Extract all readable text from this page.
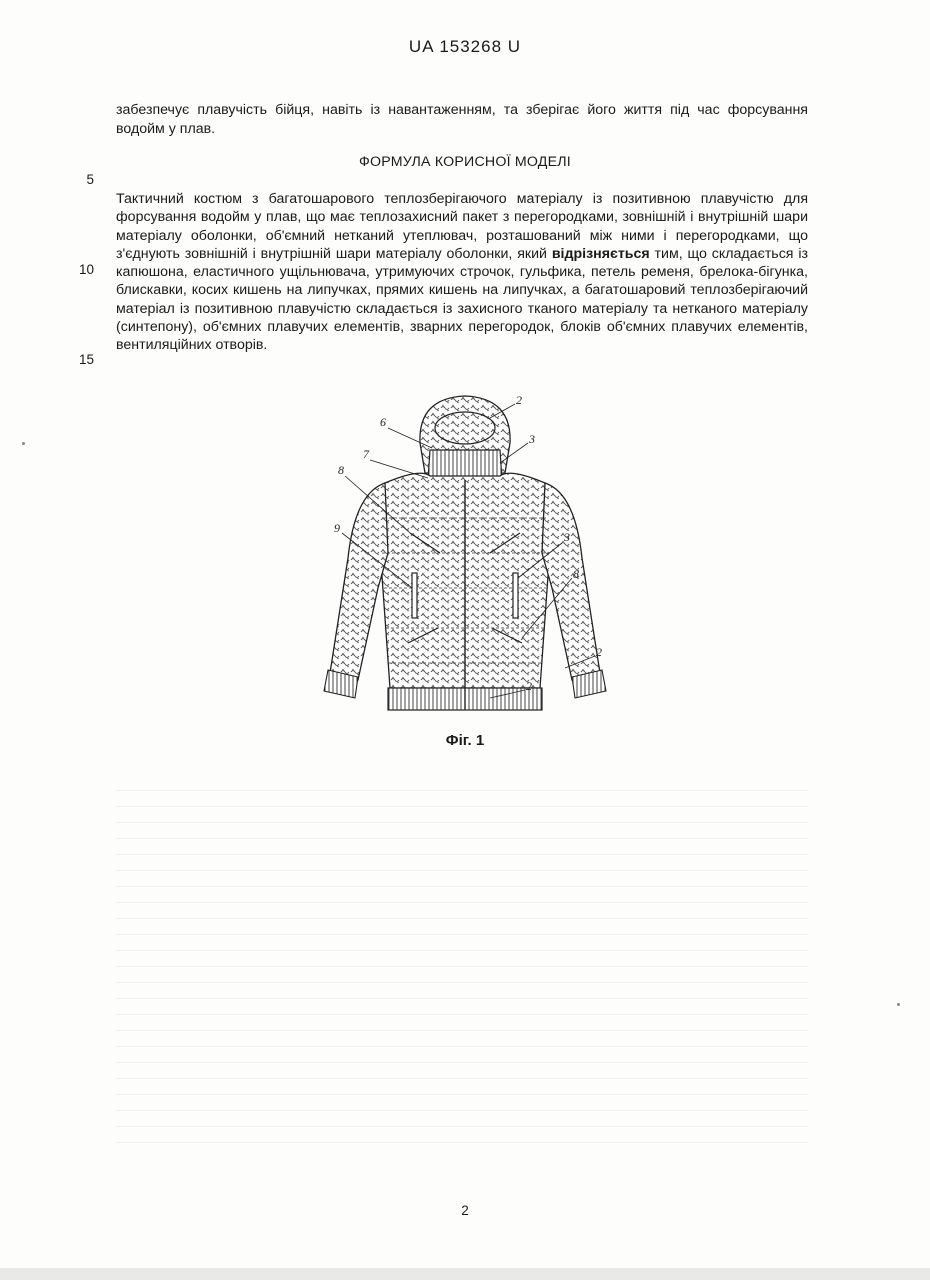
UA 153268 U
забезпечує плавучість бійця, навіть із навантаженням, та зберігає його життя під час форсування водойм у плав.
5
ФОРМУЛА КОРИСНОЇ МОДЕЛІ
Тактичний костюм з багатошарового теплозберігаючого матеріалу із позитивною плавучістю для форсування водойм у плав, що має теплозахисний пакет з перегородками, зовнішній і внутрішній шари матеріалу оболонки, об'ємний нетканий утеплювач, розташований між ними і перегородками, що з'єднують зовнішній і внутрішній шари матеріалу оболонки, який відрізняється тим, що складається із капюшона, еластичного ущільнювача, утримуючих строчок, гульфика, петель ременя, брелока-бігунка, блискавки, косих кишень на липучках, прямих кишень на липучках, а багатошаровий теплозберігаючий матеріал із позитивною плавучістю складається із захисного тканого матеріалу та нетканого матеріалу (синтепону), об'ємних плавучих елементів, зварних перегородок, блоків об'ємних плавучих елементів, вентиляційних отворів.
10
15
2
6
3
7
8
9
3
8
2
2
Фіг. 1
2
